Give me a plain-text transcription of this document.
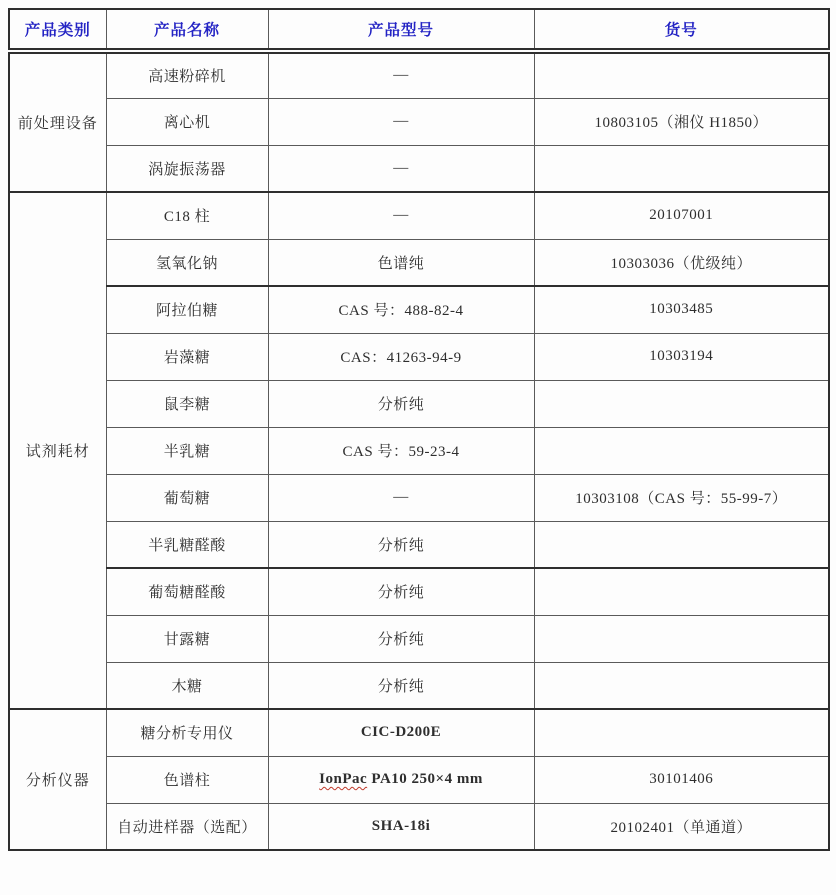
产品类别	产品名称	产品型号	货号
前处理设备	高速粉碎机	—	
	离心机	—	10803105（湘仪 H1850）
	涡旋振荡器	—	
试剂耗材	C18 柱	—	20107001
	氢氧化钠	色谱纯	10303036（优级纯）
	阿拉伯糖	CAS 号：488-82-4	10303485
	岩藻糖	CAS：41263-94-9	10303194
	鼠李糖	分析纯	
	半乳糖	CAS 号：59-23-4	
	葡萄糖	—	10303108（CAS 号：55-99-7）
	半乳糖醛酸	分析纯	
	葡萄糖醛酸	分析纯	
	甘露糖	分析纯	
	木糖	分析纯	
分析仪器	糖分析专用仪	CIC-D200E	
	色谱柱	IonPac PA10 250×4 mm	30101406
	自动进样器（选配）	SHA-18i	20102401（单通道）
